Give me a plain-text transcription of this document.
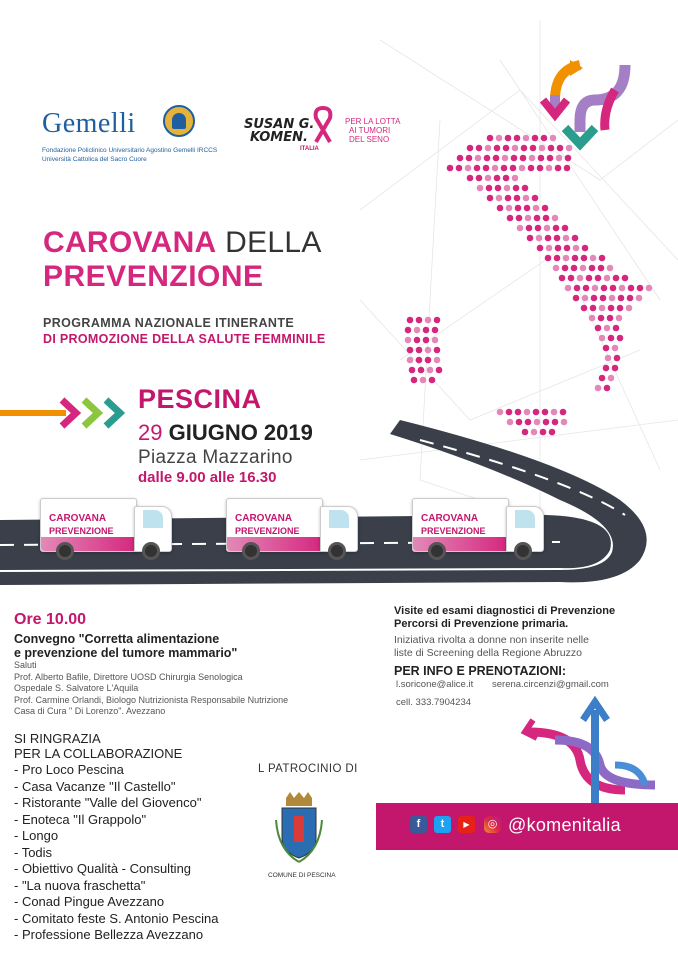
Gemelli
Fondazione Policlinico Universitario Agostino Gemelli IRCCS
Università Cattolica del Sacro Cuore
SUSAN G.
KOMEN.
ITALIA
PER LA LOTTA
AI TUMORI
DEL SENO
CAROVANA DELLA
PREVENZIONE
PROGRAMMA NAZIONALE ITINERANTE
DI PROMOZIONE DELLA SALUTE FEMMINILE
PESCINA
29 GIUGNO 2019
Piazza Mazzarino
dalle 9.00 alle 16.30
CAROVANA
PREVENZIONE
CAROVANA
PREVENZIONE
CAROVANA
PREVENZIONE
Ore 10.00
Convegno "Corretta alimentazione
e prevenzione del tumore mammario"
Saluti
Prof. Alberto Bafile, Direttore UOSD Chirurgia Senologica
Ospedale S. Salvatore L'Aquila
Prof. Carmine Orlandi, Biologo Nutrizionista Responsabile Nutrizione
Casa di Cura " Di Lorenzo". Avezzano
SI RINGRAZIA
PER LA COLLABORAZIONE
- Pro Loco Pescina
- Casa Vacanze "Il Castello"
- Ristorante "Valle del Giovenco"
- Enoteca "Il Grappolo"
- Longo
- Todis
- Obiettivo Qualità - Consulting
- "La nuova fraschetta"
- Conad Pingue Avezzano
- Comitato feste S. Antonio Pescina
- Professione Bellezza Avezzano
L PATROCINIO DI
COMUNE DI PESCINA
Visite ed esami diagnostici di Prevenzione
Percorsi di Prevenzione primaria.
Iniziativa rivolta a donne non inserite nelle
liste di Screening della Regione Abruzzo
PER INFO E PRENOTAZIONI:
l.soricone@alice.it serena.circenzi@gmail.com
cell. 333.7904234
f	t	▶	◎ @komenitalia
